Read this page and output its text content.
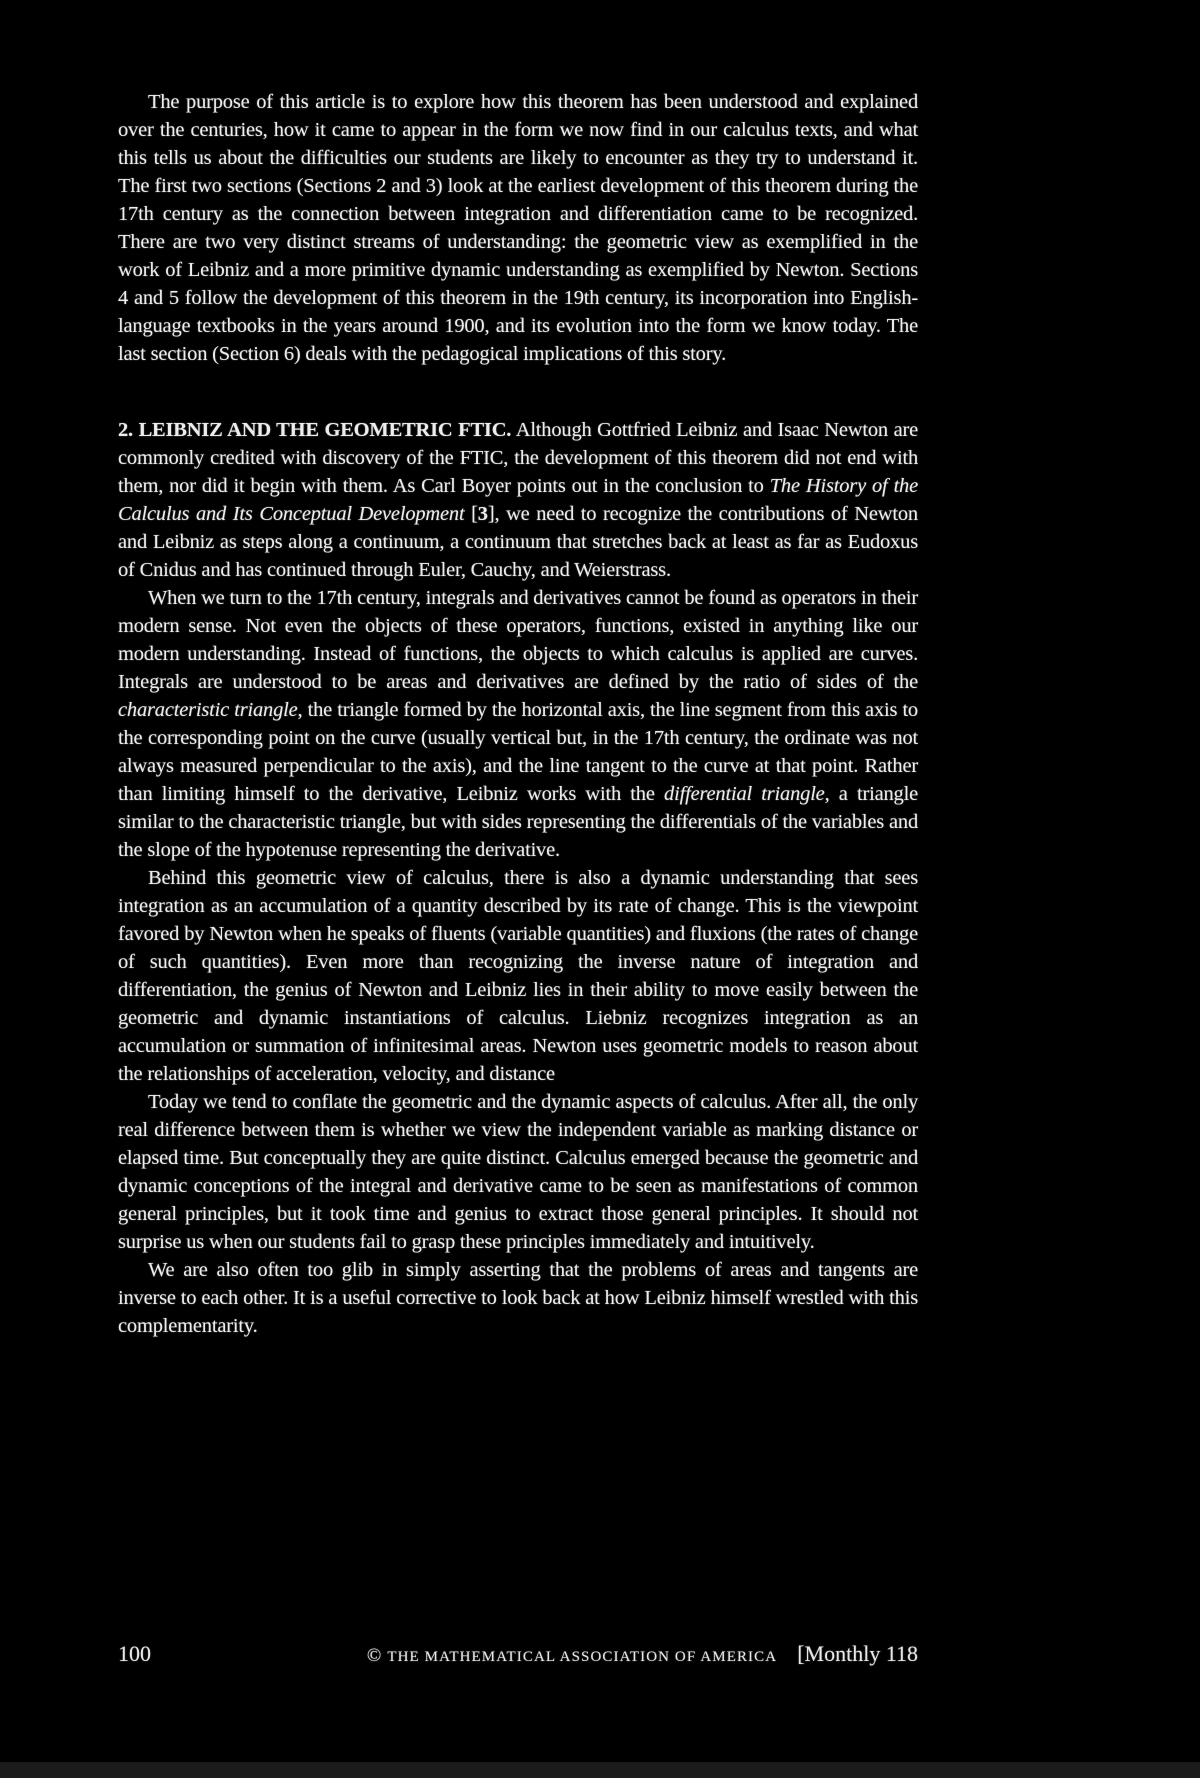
The purpose of this article is to explore how this theorem has been understood and explained over the centuries, how it came to appear in the form we now find in our calculus texts, and what this tells us about the difficulties our students are likely to encounter as they try to understand it. The first two sections (Sections 2 and 3) look at the earliest development of this theorem during the 17th century as the connection between integration and differentiation came to be recognized. There are two very distinct streams of understanding: the geometric view as exemplified in the work of Leibniz and a more primitive dynamic understanding as exemplified by Newton. Sections 4 and 5 follow the development of this theorem in the 19th century, its incorporation into English-language textbooks in the years around 1900, and its evolution into the form we know today. The last section (Section 6) deals with the pedagogical implications of this story.

2. LEIBNIZ AND THE GEOMETRIC FTIC. Although Gottfried Leibniz and Isaac Newton are commonly credited with discovery of the FTIC, the development of this theorem did not end with them, nor did it begin with them. As Carl Boyer points out in the conclusion to The History of the Calculus and Its Conceptual Development [3], we need to recognize the contributions of Newton and Leibniz as steps along a continuum, a continuum that stretches back at least as far as Eudoxus of Cnidus and has continued through Euler, Cauchy, and Weierstrass.

When we turn to the 17th century, integrals and derivatives cannot be found as operators in their modern sense. Not even the objects of these operators, functions, existed in anything like our modern understanding. Instead of functions, the objects to which calculus is applied are curves. Integrals are understood to be areas and derivatives are defined by the ratio of sides of the characteristic triangle, the triangle formed by the horizontal axis, the line segment from this axis to the corresponding point on the curve (usually vertical but, in the 17th century, the ordinate was not always measured perpendicular to the axis), and the line tangent to the curve at that point. Rather than limiting himself to the derivative, Leibniz works with the differential triangle, a triangle similar to the characteristic triangle, but with sides representing the differentials of the variables and the slope of the hypotenuse representing the derivative.

Behind this geometric view of calculus, there is also a dynamic understanding that sees integration as an accumulation of a quantity described by its rate of change. This is the viewpoint favored by Newton when he speaks of fluents (variable quantities) and fluxions (the rates of change of such quantities). Even more than recognizing the inverse nature of integration and differentiation, the genius of Newton and Leibniz lies in their ability to move easily between the geometric and dynamic instantiations of calculus. Liebniz recognizes integration as an accumulation or summation of infinitesimal areas. Newton uses geometric models to reason about the relationships of acceleration, velocity, and distance

Today we tend to conflate the geometric and the dynamic aspects of calculus. After all, the only real difference between them is whether we view the independent variable as marking distance or elapsed time. But conceptually they are quite distinct. Calculus emerged because the geometric and dynamic conceptions of the integral and derivative came to be seen as manifestations of common general principles, but it took time and genius to extract those general principles. It should not surprise us when our students fail to grasp these principles immediately and intuitively.

We are also often too glib in simply asserting that the problems of areas and tangents are inverse to each other. It is a useful corrective to look back at how Leibniz himself wrestled with this complementarity.

100	© THE MATHEMATICAL ASSOCIATION OF AMERICA [Monthly 118
